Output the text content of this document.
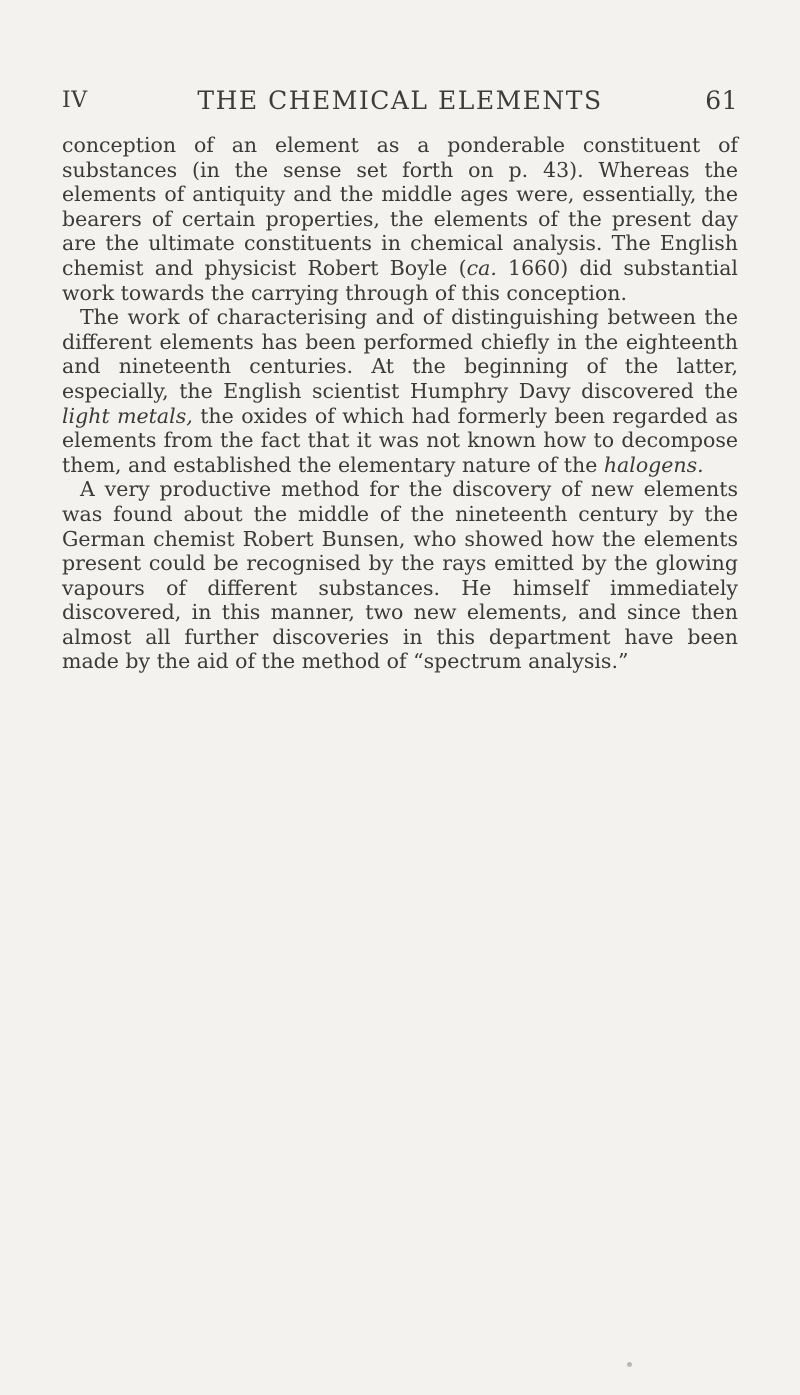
IV	THE CHEMICAL ELEMENTS	61

conception of an element as a ponderable constituent of substances (in the sense set forth on p. 43). Whereas the elements of antiquity and the middle ages were, essentially, the bearers of certain properties, the elements of the present day are the ultimate constituents in chemical analysis. The English chemist and physicist Robert Boyle (ca. 1660) did substantial work towards the carrying through of this conception.

The work of characterising and of distinguishing between the different elements has been performed chiefly in the eighteenth and nineteenth centuries. At the beginning of the latter, especially, the English scientist Humphry Davy discovered the light metals, the oxides of which had formerly been regarded as elements from the fact that it was not known how to decompose them, and established the elementary nature of the halogens.

A very productive method for the discovery of new elements was found about the middle of the nineteenth century by the German chemist Robert Bunsen, who showed how the elements present could be recognised by the rays emitted by the glowing vapours of different substances. He himself immediately discovered, in this manner, two new elements, and since then almost all further discoveries in this department have been made by the aid of the method of “spectrum analysis.”
